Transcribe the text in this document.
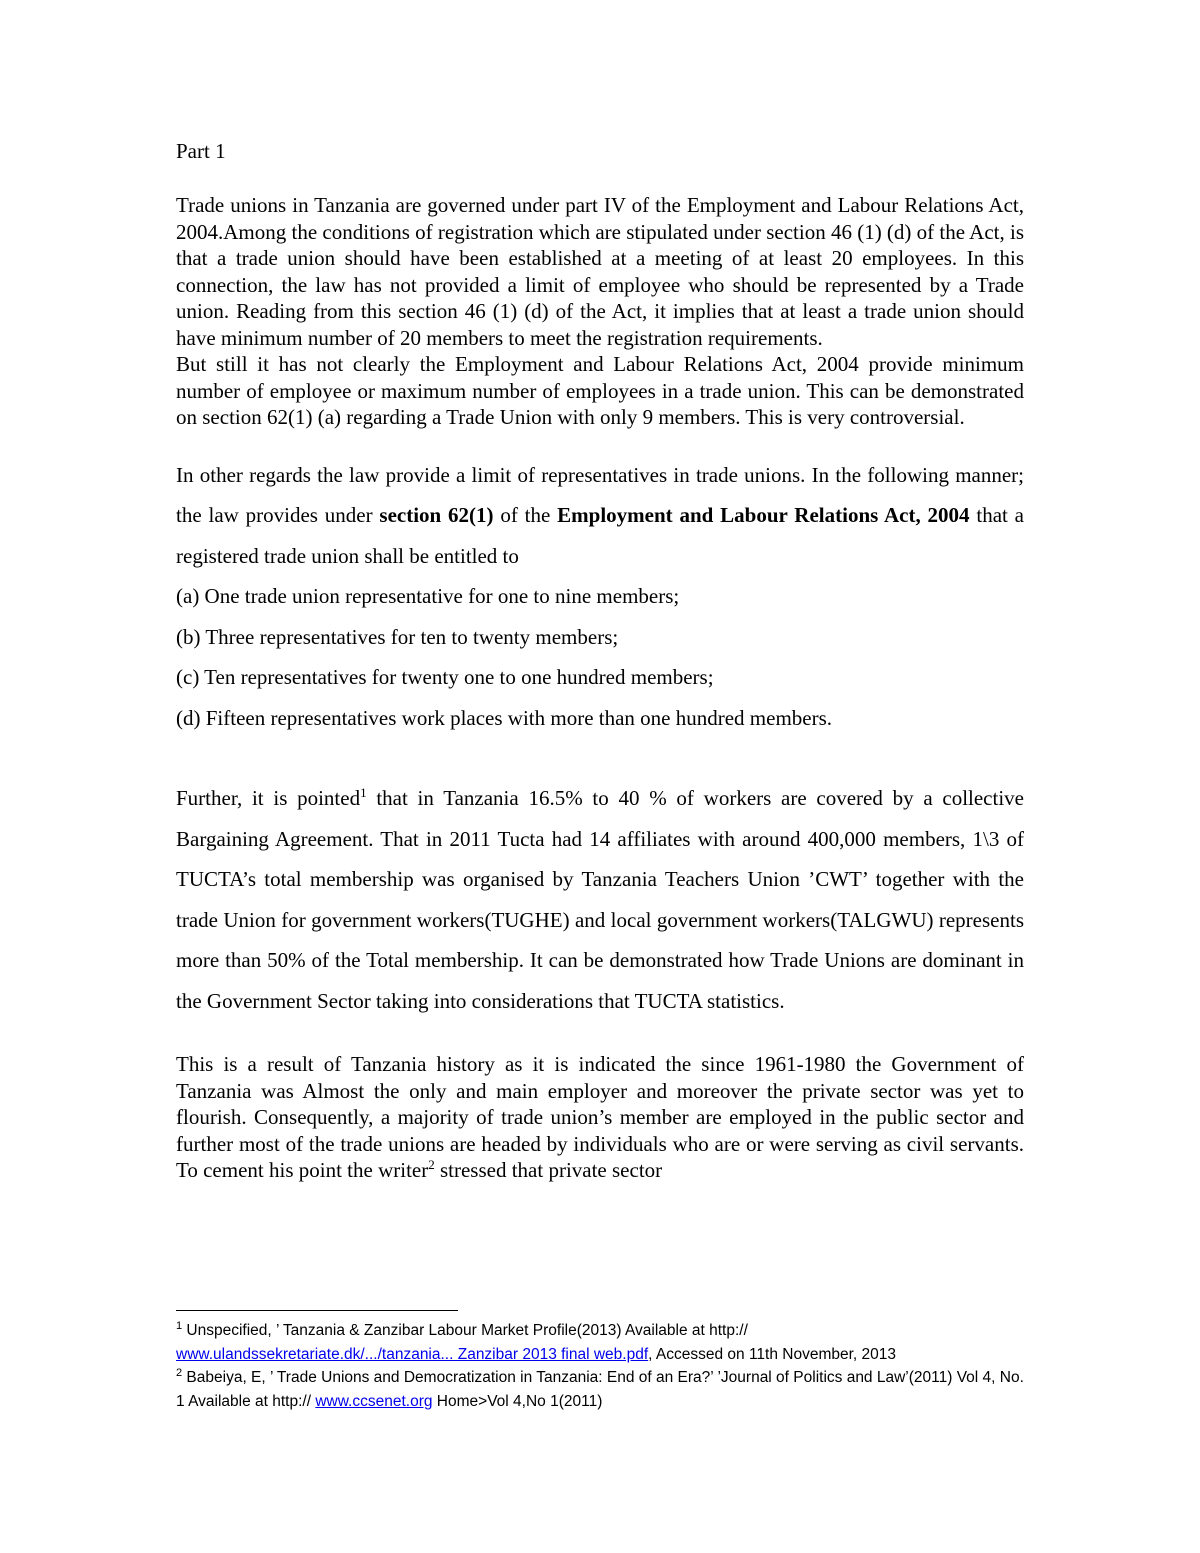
Part 1

Trade unions in Tanzania are governed under part IV of the Employment and Labour Relations Act, 2004.Among the conditions of registration which are stipulated under section 46 (1) (d) of the Act, is that a trade union should have been established at a meeting of at least 20 employees. In this connection, the law has not provided a limit of employee who should be represented by a Trade union. Reading from this section 46 (1) (d) of the Act, it implies that at least a trade union should have minimum number of 20 members to meet the registration requirements.

But still it has not clearly the Employment and Labour Relations Act, 2004 provide minimum number of employee or maximum number of employees in a trade union. This can be demonstrated on section 62(1) (a) regarding a Trade Union with only 9 members. This is very controversial.

In other regards the law provide a limit of representatives in trade unions. In the following manner; the law provides under section 62(1) of the Employment and Labour Relations Act, 2004 that a registered trade union shall be entitled to

(a) One trade union representative for one to nine members;
(b) Three representatives for ten to twenty members;
(c) Ten representatives for twenty one to one hundred members;
(d) Fifteen representatives work places with more than one hundred members.

Further, it is pointed$^1$ that in Tanzania 16.5% to 40 % of workers are covered by a collective Bargaining Agreement. That in 2011 Tucta had 14 affiliates with around 400,000 members, 1\3 of TUCTA’s total membership was organised by Tanzania Teachers Union ’CWT’ together with the trade Union for government workers(TUGHE) and local government workers(TALGWU) represents more than 50% of the Total membership. It can be demonstrated how Trade Unions are dominant in the Government Sector taking into considerations that TUCTA statistics.

This is a result of Tanzania history as it is indicated the since 1961-1980 the Government of Tanzania was Almost the only and main employer and moreover the private sector was yet to flourish. Consequently, a majority of trade union’s member are employed in the public sector and further most of the trade unions are headed by individuals who are or were serving as civil servants. To cement his point the writer$^2$ stressed that private sector

$^1$ Unspecified, ’ Tanzania & Zanzibar Labour Market Profile(2013) Available at http:// www.ulandssekretariate.dk/.../tanzania... Zanzibar 2013 final web.pdf, Accessed on 11th November, 2013

$^2$ Babeiya, E, ’ Trade Unions and Democratization in Tanzania: End of an Era?’ ’Journal of Politics and Law’(2011) Vol 4, No. 1 Available at http:// www.ccsenet.org Home>Vol 4,No 1(2011)
